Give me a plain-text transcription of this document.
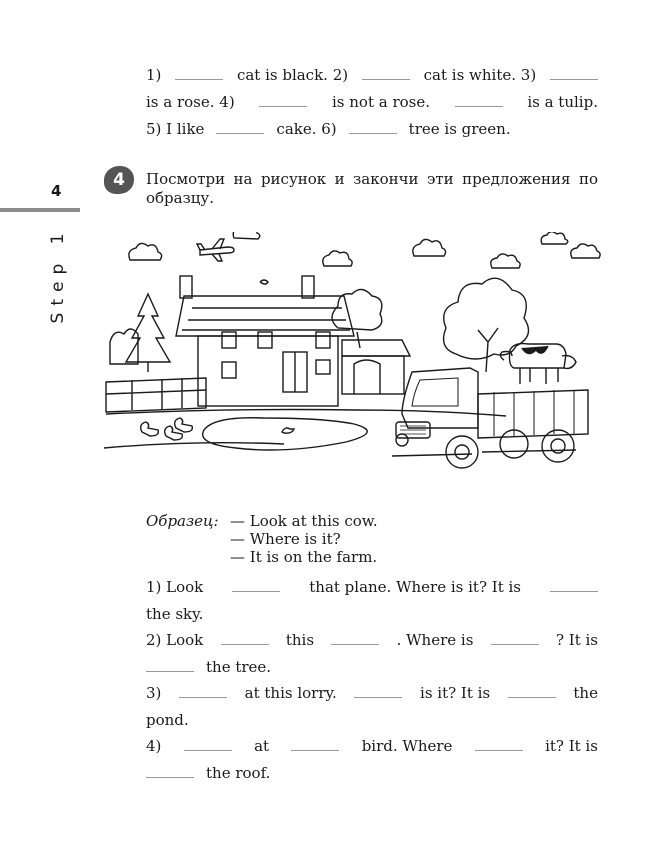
1)	cat is black. 2)	cat is white. 3)
is a rose. 4)	is not a rose.	is a tulip.
5) I like	cake. 6)	tree is green.
4
Step 1
4	Посмотри на рисунок и закончи эти предложения по образцу.
Образец: — Look at this cow.
— Where is it?
— It is on the farm.
1) Look	that plane. Where is it? It is
the sky.
2) Look	this	. Where is	? It is
the tree.
3)	at this lorry.	is it? It is	the
pond.
4)	at	bird. Where	it? It is
the roof.
